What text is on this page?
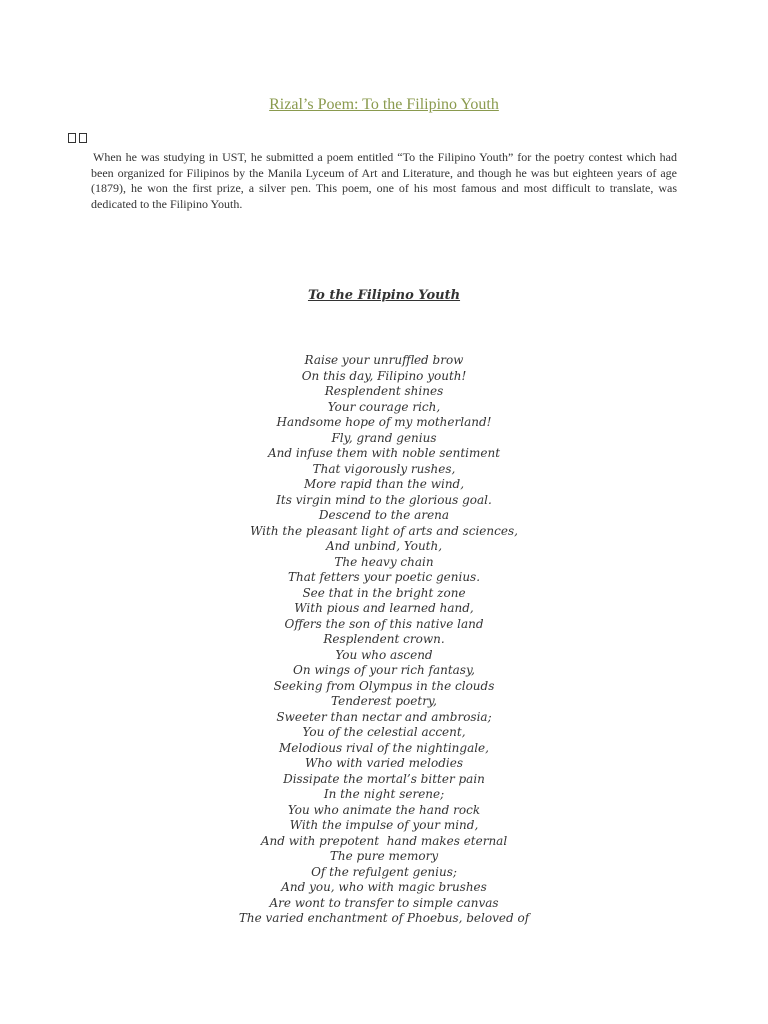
Rizal’s Poem: To the Filipino Youth

When he was studying in UST, he submitted a poem entitled “To the Filipino Youth” for the poetry contest which had been organized for Filipinos by the Manila Lyceum of Art and Literature, and though he was but eighteen years of age (1879), he won the first prize, a silver pen. This poem, one of his most famous and most difficult to translate, was dedicated to the Filipino Youth.

To the Filipino Youth
Raise your unruffled brow
On this day, Filipino youth!
Resplendent shines
Your courage rich,
Handsome hope of my motherland!
Fly, grand genius
And infuse them with noble sentiment
That vigorously rushes,
More rapid than the wind,
Its virgin mind to the glorious goal.
Descend to the arena
With the pleasant light of arts and sciences,
And unbind, Youth,
The heavy chain
That fetters your poetic genius.
See that in the bright zone
With pious and learned hand,
Offers the son of this native land
Resplendent crown.
You who ascend
On wings of your rich fantasy,
Seeking from Olympus in the clouds
Tenderest poetry,
Sweeter than nectar and ambrosia;
You of the celestial accent,
Melodious rival of the nightingale,
Who with varied melodies
Dissipate the mortal’s bitter pain
In the night serene;
You who animate the hand rock
With the impulse of your mind,
And with prepotent  hand makes eternal
The pure memory
Of the refulgent genius;
And you, who with magic brushes
Are wont to transfer to simple canvas
The varied enchantment of Phoebus, beloved of
